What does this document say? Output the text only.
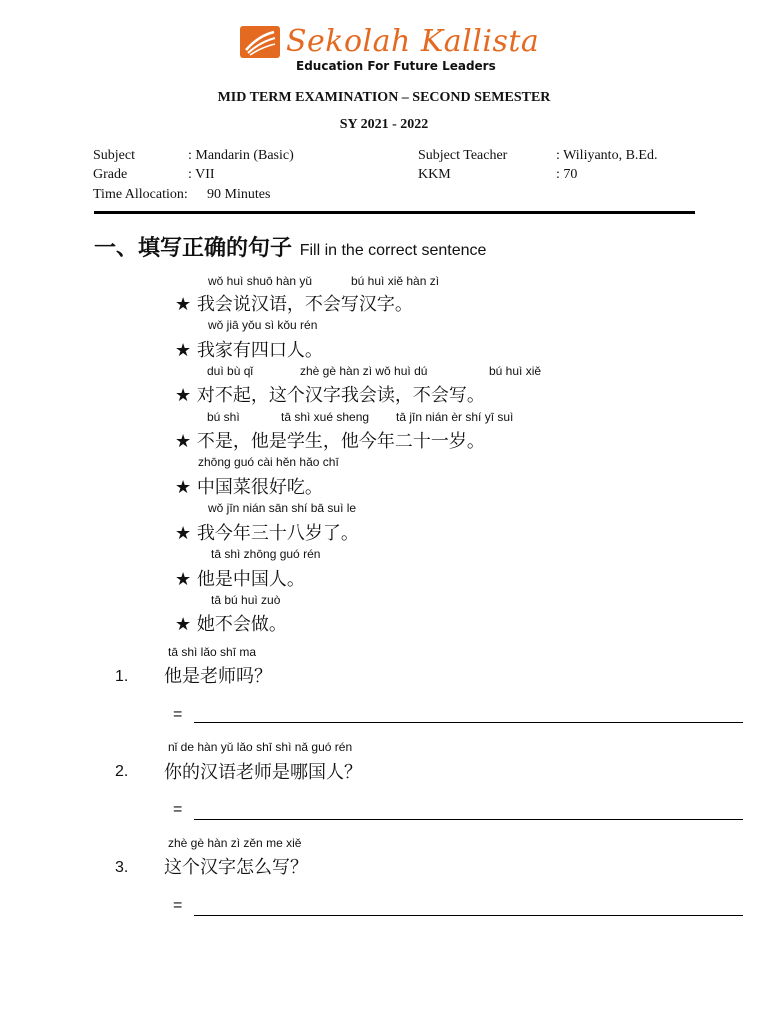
Sekolah Kallista
Education For Future Leaders
MID TERM EXAMINATION – SECOND SEMESTER
SY 2021 - 2022
Subject	: Mandarin (Basic)
Grade	: VII
Time Allocation: 90 Minutes
Subject Teacher	: Wiliyanto, B.Ed.
KKM	: 70
一、填写正确的句子 Fill in the correct sentence
wǒ huì shuō hàn yǔ	bú huì xiě hàn zì
★ 我会说汉语，不会写汉字。
wǒ jiā yǒu sì kǒu rén
★ 我家有四口人。
duì bù qǐ	zhè gè hàn zì wǒ huì dú	bú huì xiě
★ 对不起，这个汉字我会读，不会写。
bú shì	tā shì xué sheng tā jīn nián èr shí yī suì
★ 不是，他是学生，他今年二十一岁。
zhōng guó cài hěn hǎo chī
★ 中国菜很好吃。
wǒ jīn nián sān shí bā suì le
★ 我今年三十八岁了。
tā shì zhōng guó rén
★ 他是中国人。
tā bú huì zuò
★ 她不会做。
tā shì lǎo shī ma
1. 他是老师吗？
=
nǐ de hàn yǔ lǎo shī shì nǎ guó rén
2. 你的汉语老师是哪国人？
=
zhè gè hàn zì zěn me xiě
3. 这个汉字怎么写？
=
